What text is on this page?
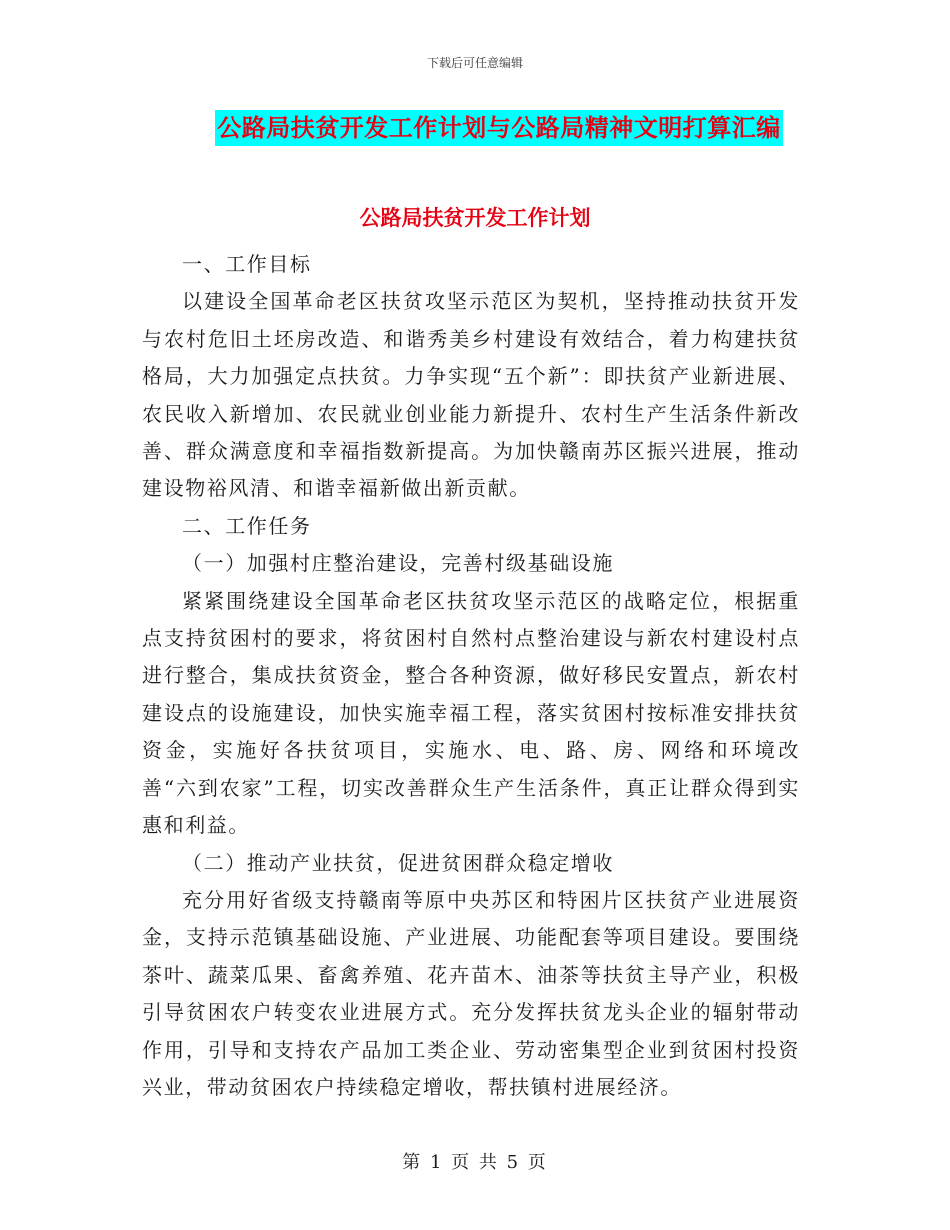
下载后可任意编辑
公路局扶贫开发工作计划与公路局精神文明打算汇编
公路局扶贫开发工作计划

一、工作目标

以建设全国革命老区扶贫攻坚示范区为契机，坚持推动扶贫开发与农村危旧土坯房改造、和谐秀美乡村建设有效结合，着力构建扶贫格局，大力加强定点扶贫。力争实现“五个新”：即扶贫产业新进展、农民收入新增加、农民就业创业能力新提升、农村生产生活条件新改善、群众满意度和幸福指数新提高。为加快赣南苏区振兴进展，推动建设物裕风清、和谐幸福新做出新贡献。

二、工作任务

（一）加强村庄整治建设，完善村级基础设施

紧紧围绕建设全国革命老区扶贫攻坚示范区的战略定位，根据重点支持贫困村的要求，将贫困村自然村点整治建设与新农村建设村点进行整合，集成扶贫资金，整合各种资源，做好移民安置点，新农村建设点的设施建设，加快实施幸福工程，落实贫困村按标准安排扶贫资金，实施好各扶贫项目，实施水、电、路、房、网络和环境改善“六到农家”工程，切实改善群众生产生活条件，真正让群众得到实惠和利益。

（二）推动产业扶贫，促进贫困群众稳定增收

充分用好省级支持赣南等原中央苏区和特困片区扶贫产业进展资金，支持示范镇基础设施、产业进展、功能配套等项目建设。要围绕茶叶、蔬菜瓜果、畜禽养殖、花卉苗木、油茶等扶贫主导产业，积极引导贫困农户转变农业进展方式。充分发挥扶贫龙头企业的辐射带动作用，引导和支持农产品加工类企业、劳动密集型企业到贫困村投资兴业，带动贫困农户持续稳定增收，帮扶镇村进展经济。

第 1 页 共 5 页
